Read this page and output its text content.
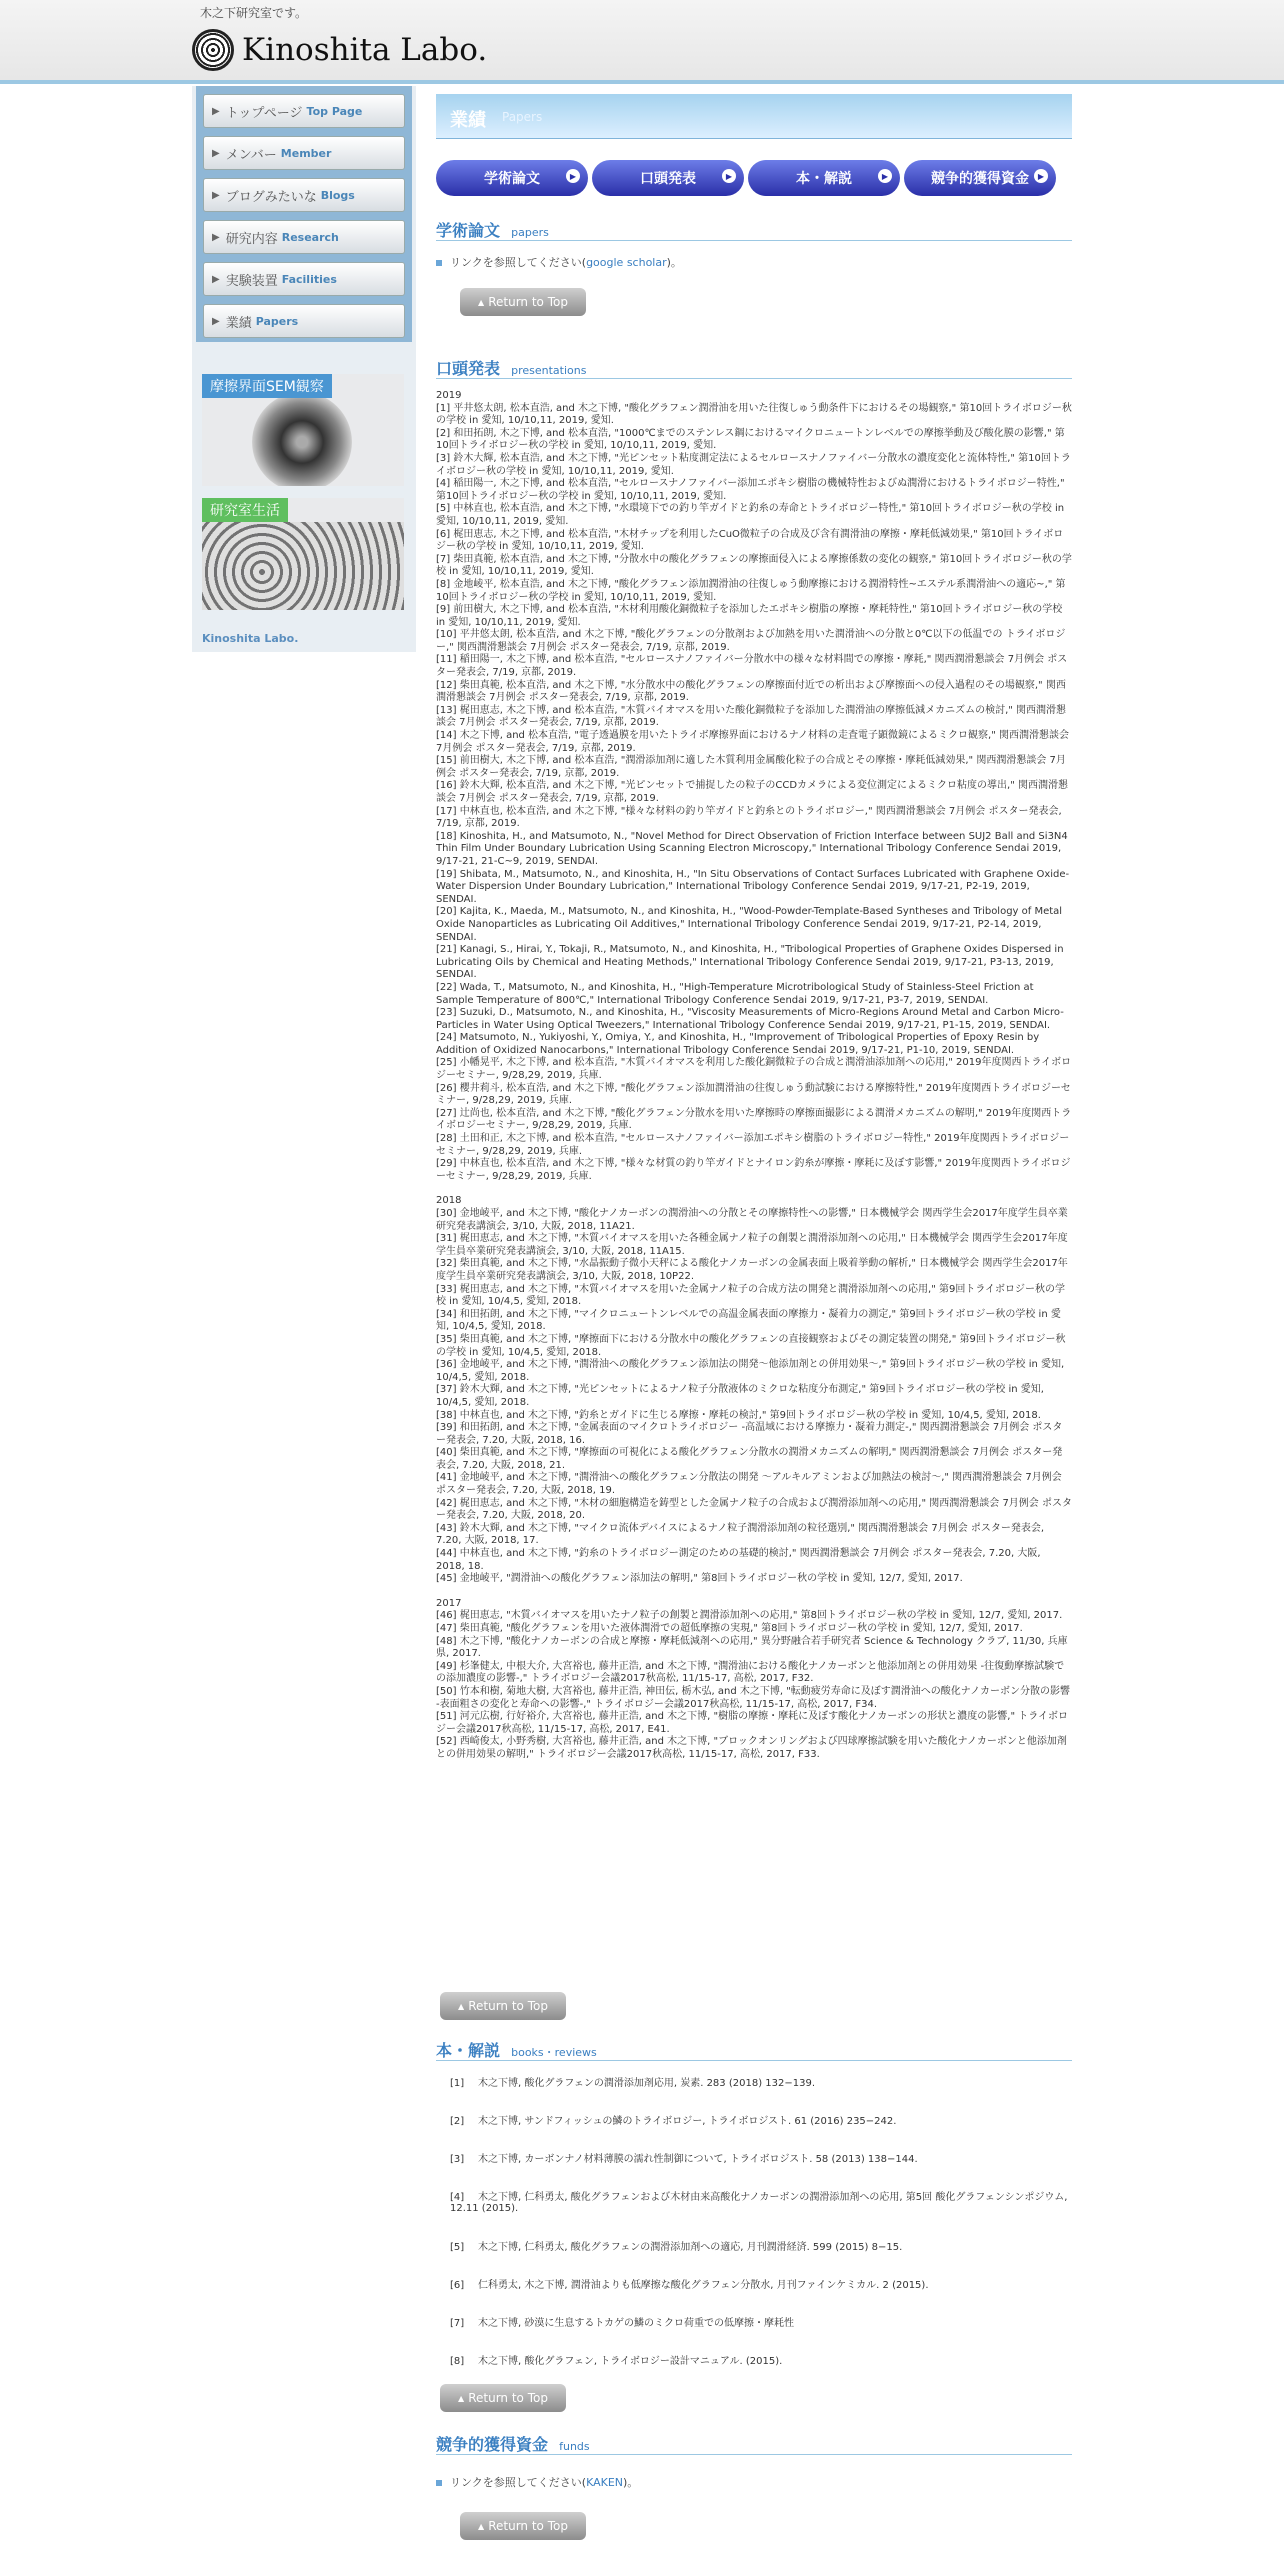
木之下研究室です。
Kinoshita Labo.
▶ トップページ Top Page
▶ メンバー Member
▶ ブログみたいな Blogs
▶ 研究内容 Research
▶ 実験装置 Facilities
▶ 業績 Papers
摩擦界面SEM観察
研究室生活
Kinoshita Labo.
業績 Papers
学術論文	▶	口頭発表	▶	本・解説	▶	競争的獲得資金	▶
学術論文 papers
リンクを参照してください(google scholar)。
▲ Return to Top
口頭発表 presentations
2019
[1] 平井悠太朗, 松本直浩, and 木之下博, "酸化グラフェン潤滑油を用いた往復しゅう動条件下におけるその場観察," 第10回トライボロジー秋の学校 in 愛知, 10/10,11, 2019, 愛知.
[2] 和田拓朗, 木之下博, and 松本直浩, "1000℃までのステンレス鋼におけるマイクロニュートンレベルでの摩擦挙動及び酸化膜の影響," 第10回トライボロジー秋の学校 in 愛知, 10/10,11, 2019, 愛知.
[3] 鈴木大輝, 松本直浩, and 木之下博, "光ピンセット粘度測定法によるセルロースナノファイバー分散水の濃度変化と流体特性," 第10回トライボロジー秋の学校 in 愛知, 10/10,11, 2019, 愛知.
[4] 稲田陽一, 木之下博, and 松本直浩, "セルロースナノファイバー添加エポキシ樹脂の機械特性およびぬ潤滑におけるトライボロジー特性," 第10回トライボロジー秋の学校 in 愛知, 10/10,11, 2019, 愛知.
[5] 中林直也, 松本直浩, and 木之下博, "水環境下での釣り竿ガイドと釣糸の寿命とトライボロジー特性," 第10回トライボロジー秋の学校 in 愛知, 10/10,11, 2019, 愛知.
[6] 梶田恵志, 木之下博, and 松本直浩, "木材チップを利用したCuO微粒子の合成及び含有潤滑油の摩擦・摩耗低減効果," 第10回トライボロジー秋の学校 in 愛知, 10/10,11, 2019, 愛知.
[7] 柴田真範, 松本直浩, and 木之下博, "分散水中の酸化グラフェンの摩擦面侵入による摩擦係数の変化の観察," 第10回トライボロジー秋の学校 in 愛知, 10/10,11, 2019, 愛知.
[8] 金地崚平, 松本直浩, and 木之下博, "酸化グラフェン添加潤滑油の往復しゅう動摩擦における潤滑特性~エステル系潤滑油への適応~," 第10回トライボロジー秋の学校 in 愛知, 10/10,11, 2019, 愛知.
[9] 前田樹大, 木之下博, and 松本直浩, "木材利用酸化銅微粒子を添加したエポキシ樹脂の摩擦・摩耗特性," 第10回トライボロジー秋の学校 in 愛知, 10/10,11, 2019, 愛知.
[10] 平井悠太朗, 松本直浩, and 木之下博, "酸化グラフェンの分散剤および加熱を用いた潤滑油への分散と0℃以下の低温での トライボロジー," 関西潤滑懇談会 7月例会 ポスター発表会, 7/19, 京都, 2019.
[11] 稲田陽一, 木之下博, and 松本直浩, "セルロースナノファイバー分散水中の様々な材料間での摩擦・摩耗," 関西潤滑懇談会 7月例会 ポスター発表会, 7/19, 京都, 2019.
[12] 柴田真範, 松本直浩, and 木之下博, "水分散水中の酸化グラフェンの摩擦面付近での析出および摩擦面への侵入過程のその場観察," 関西潤滑懇談会 7月例会 ポスター発表会, 7/19, 京都, 2019.
[13] 梶田恵志, 木之下博, and 松本直浩, "木質バイオマスを用いた酸化銅微粒子を添加した潤滑油の摩擦低減メカニズムの検討," 関西潤滑懇談会 7月例会 ポスター発表会, 7/19, 京都, 2019.
[14] 木之下博, and 松本直浩, "電子透過膜を用いたトライボ摩擦界面におけるナノ材料の走査電子顕微鏡によるミクロ観察," 関西潤滑懇談会 7月例会 ポスター発表会, 7/19, 京都, 2019.
[15] 前田樹大, 木之下博, and 松本直浩, "潤滑添加剤に適した木質利用金属酸化粒子の合成とその摩擦・摩耗低減効果," 関西潤滑懇談会 7月例会 ポスター発表会, 7/19, 京都, 2019.
[16] 鈴木大輝, 松本直浩, and 木之下博, "光ピンセットで捕捉したの粒子のCCDカメラによる変位測定によるミクロ粘度の導出," 関西潤滑懇談会 7月例会 ポスター発表会, 7/19, 京都, 2019.
[17] 中林直也, 松本直浩, and 木之下博, "様々な材料の釣り竿ガイドと釣糸とのトライボロジー," 関西潤滑懇談会 7月例会 ポスター発表会, 7/19, 京都, 2019.
[18] Kinoshita, H., and Matsumoto, N., "Novel Method for Direct Observation of Friction Interface between SUJ2 Ball and Si3N4 Thin Film Under Boundary Lubrication Using Scanning Electron Microscopy," International Tribology Conference Sendai 2019, 9/17-21, 21-C~9, 2019, SENDAI.
[19] Shibata, M., Matsumoto, N., and Kinoshita, H., "In Situ Observations of Contact Surfaces Lubricated with Graphene Oxide-Water Dispersion Under Boundary Lubrication," International Tribology Conference Sendai 2019, 9/17-21, P2-19, 2019, SENDAI.
[20] Kajita, K., Maeda, M., Matsumoto, N., and Kinoshita, H., "Wood-Powder-Template-Based Syntheses and Tribology of Metal Oxide Nanoparticles as Lubricating Oil Additives," International Tribology Conference Sendai 2019, 9/17-21, P2-14, 2019, SENDAI.
[21] Kanagi, S., Hirai, Y., Tokaji, R., Matsumoto, N., and Kinoshita, H., "Tribological Properties of Graphene Oxides Dispersed in Lubricating Oils by Chemical and Heating Methods," International Tribology Conference Sendai 2019, 9/17-21, P3-13, 2019, SENDAI.
[22] Wada, T., Matsumoto, N., and Kinoshita, H., "High-Temperature Microtribological Study of Stainless-Steel Friction at Sample Temperature of 800℃," International Tribology Conference Sendai 2019, 9/17-21, P3-7, 2019, SENDAI.
[23] Suzuki, D., Matsumoto, N., and Kinoshita, H., "Viscosity Measurements of Micro-Regions Around Metal and Carbon Micro-Particles in Water Using Optical Tweezers," International Tribology Conference Sendai 2019, 9/17-21, P1-15, 2019, SENDAI.
[24] Matsumoto, N., Yukiyoshi, Y., Omiya, Y., and Kinoshita, H., "Improvement of Tribological Properties of Epoxy Resin by Addition of Oxidized Nanocarbons," International Tribology Conference Sendai 2019, 9/17-21, P1-10, 2019, SENDAI.
[25] 小幡晃平, 木之下博, and 松本直浩, "木質バイオマスを利用した酸化銅微粒子の合成と潤滑油添加剤への応用," 2019年度関西トライボロジーセミナー, 9/28,29, 2019, 兵庫.
[26] 櫻井莉斗, 松本直浩, and 木之下博, "酸化グラフェン添加潤滑油の往復しゅう動試験における摩擦特性," 2019年度関西トライボロジーセミナー, 9/28,29, 2019, 兵庫.
[27] 辻尚也, 松本直浩, and 木之下博, "酸化グラフェン分散水を用いた摩擦時の摩擦面撮影による潤滑メカニズムの解明," 2019年度関西トライボロジーセミナー, 9/28,29, 2019, 兵庫.
[28] 土田和正, 木之下博, and 松本直浩, "セルロースナノファイバー添加エポキシ樹脂のトライボロジー特性," 2019年度関西トライボロジーセミナー, 9/28,29, 2019, 兵庫.
[29] 中林直也, 松本直浩, and 木之下博, "様々な材質の釣り竿ガイドとナイロン釣糸が摩擦・摩耗に及ぼす影響," 2019年度関西トライボロジーセミナー, 9/28,29, 2019, 兵庫.
2018
[30] 金地崚平, and 木之下博, "酸化ナノカーボンの潤滑油への分散とその摩擦特性への影響," 日本機械学会 関西学生会2017年度学生員卒業研究発表講演会, 3/10, 大阪, 2018, 11A21.
[31] 梶田恵志, and 木之下博, "木質バイオマスを用いた各種金属ナノ粒子の創製と潤滑添加剤への応用," 日本機械学会 関西学生会2017年度学生員卒業研究発表講演会, 3/10, 大阪, 2018, 11A15.
[32] 柴田真範, and 木之下博, "水晶振動子微小天秤による酸化ナノカーボンの金属表面上吸着挙動の解析," 日本機械学会 関西学生会2017年度学生員卒業研究発表講演会, 3/10, 大阪, 2018, 10P22.
[33] 梶田恵志, and 木之下博, "木質バイオマスを用いた金属ナノ粒子の合成方法の開発と潤滑添加剤への応用," 第9回トライボロジー秋の学校 in 愛知, 10/4,5, 愛知, 2018.
[34] 和田拓朗, and 木之下博, "マイクロニュートンレベルでの高温金属表面の摩擦力・凝着力の測定," 第9回トライボロジー秋の学校 in 愛知, 10/4,5, 愛知, 2018.
[35] 柴田真範, and 木之下博, "摩擦面下における分散水中の酸化グラフェンの直接観察およびその測定装置の開発," 第9回トライボロジー秋の学校 in 愛知, 10/4,5, 愛知, 2018.
[36] 金地崚平, and 木之下博, "潤滑油への酸化グラフェン添加法の開発～他添加剤との併用効果～," 第9回トライボロジー秋の学校 in 愛知, 10/4,5, 愛知, 2018.
[37] 鈴木大輝, and 木之下博, "光ピンセットによるナノ粒子分散液体のミクロな粘度分布測定," 第9回トライボロジー秋の学校 in 愛知, 10/4,5, 愛知, 2018.
[38] 中林直也, and 木之下博, "釣糸とガイドに生じる摩擦・摩耗の検討," 第9回トライボロジー秋の学校 in 愛知, 10/4,5, 愛知, 2018.
[39] 和田拓朗, and 木之下博, "金属表面のマイクロトライボロジー -高温域における摩擦力・凝着力測定-," 関西潤滑懇談会 7月例会 ポスター発表会, 7.20, 大阪, 2018, 16.
[40] 柴田真範, and 木之下博, "摩擦面の可視化による酸化グラフェン分散水の潤滑メカニズムの解明," 関西潤滑懇談会 7月例会 ポスター発表会, 7.20, 大阪, 2018, 21.
[41] 金地崚平, and 木之下博, "潤滑油への酸化グラフェン分散法の開発 ～アルキルアミンおよび加熱法の検討～," 関西潤滑懇談会 7月例会 ポスター発表会, 7.20, 大阪, 2018, 19.
[42] 梶田恵志, and 木之下博, "木材の細胞構造を鋳型とした金属ナノ粒子の合成および潤滑添加剤への応用," 関西潤滑懇談会 7月例会 ポスター発表会, 7.20, 大阪, 2018, 20.
[43] 鈴木大輝, and 木之下博, "マイクロ流体デバイスによるナノ粒子潤滑添加剤の粒径選別," 関西潤滑懇談会 7月例会 ポスター発表会, 7.20, 大阪, 2018, 17.
[44] 中林直也, and 木之下博, "釣糸のトライボロジー測定のための基礎的検討," 関西潤滑懇談会 7月例会 ポスター発表会, 7.20, 大阪, 2018, 18.
[45] 金地崚平, "潤滑油への酸化グラフェン添加法の解明," 第8回トライボロジー秋の学校 in 愛知, 12/7, 愛知, 2017.
2017
[46] 梶田恵志, "木質バイオマスを用いたナノ粒子の創製と潤滑添加剤への応用," 第8回トライボロジー秋の学校 in 愛知, 12/7, 愛知, 2017.
[47] 柴田真範, "酸化グラフェンを用いた液体潤滑での超低摩擦の実現," 第8回トライボロジー秋の学校 in 愛知, 12/7, 愛知, 2017.
[48] 木之下博, "酸化ナノカーボンの合成と摩擦・摩耗低減剤への応用," 異分野融合若手研究者 Science & Technology クラブ, 11/30, 兵庫県, 2017.
[49] 杉峯健太, 中根大介, 大宮裕也, 藤井正浩, and 木之下博, "潤滑油における酸化ナノカーボンと他添加剤との併用効果 -往復動摩擦試験での添加濃度の影響-," トライボロジー会議2017秋高松, 11/15-17, 高松, 2017, F32.
[50] 竹本和樹, 菊地大樹, 大宮裕也, 藤井正浩, 神田伝, 栃木弘, and 木之下博, "転動疲労寿命に及ぼす潤滑油への酸化ナノカーボン分散の影響 -表面粗さの変化と寿命への影響-," トライボロジー会議2017秋高松, 11/15-17, 高松, 2017, F34.
[51] 河元広樹, 行好裕介, 大宮裕也, 藤井正浩, and 木之下博, "樹脂の摩擦・摩耗に及ぼす酸化ナノカーボンの形状と濃度の影響," トライボロジー会議2017秋高松, 11/15-17, 高松, 2017, E41.
[52] 西崎俊太, 小野秀樹, 大宮裕也, 藤井正浩, and 木之下博, "ブロックオンリングおよび四球摩擦試験を用いた酸化ナノカーボンと他添加剤との併用効果の解明," トライボロジー会議2017秋高松, 11/15-17, 高松, 2017, F33.
▲ Return to Top
本・解説 books・reviews
[1] 木之下博, 酸化グラフェンの潤滑添加剤応用, 炭素. 283 (2018) 132−139.
[2] 木之下博, サンドフィッシュの鱗のトライボロジー, トライボロジスト. 61 (2016) 235−242.
[3] 木之下博, カーボンナノ材料薄膜の濡れ性制御について, トライボロジスト. 58 (2013) 138−144.
[4] 木之下博, 仁科勇太, 酸化グラフェンおよび木材由来高酸化ナノカーボンの潤滑添加剤への応用, 第5回 酸化グラフェンシンポジウム, 12.11 (2015).
[5] 木之下博, 仁科勇太, 酸化グラフェンの潤滑添加剤への適応, 月刊潤滑経済. 599 (2015) 8−15.
[6] 仁科勇太, 木之下博, 潤滑油よりも低摩擦な酸化グラフェン分散水, 月刊ファインケミカル. 2 (2015).
[7] 木之下博, 砂漠に生息するトカゲの鱗のミクロ荷重での低摩擦・摩耗性
[8] 木之下博, 酸化グラフェン, トライボロジー設計マニュアル. (2015).
▲ Return to Top
競争的獲得資金 funds
リンクを参照してください(KAKEN)。
▲ Return to Top
